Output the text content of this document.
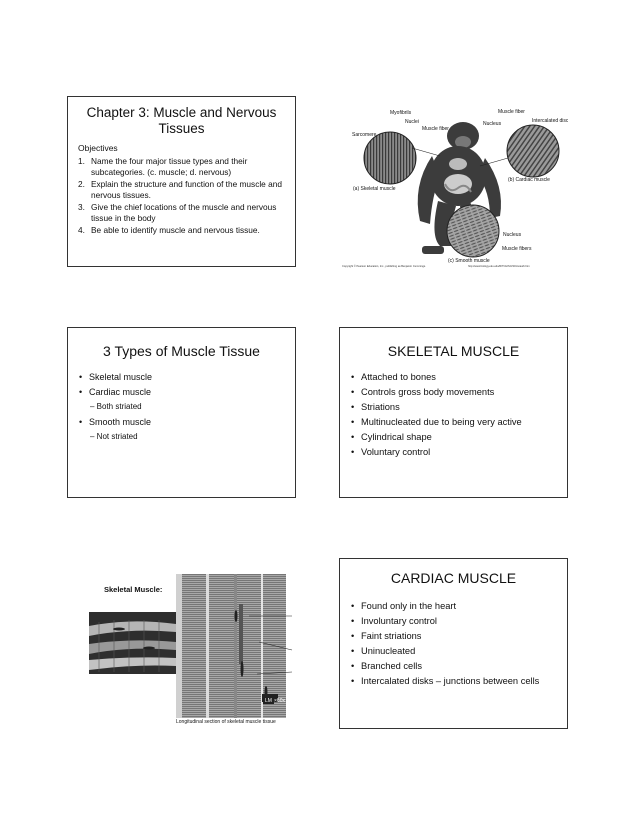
Chapter 3: Muscle and Nervous Tissues

Objectives

1. Name the four major tissue types and their subcategories. (c. muscle; d. nervous)
2. Explain the structure and function of the muscle and nervous tissues.
3. Give the chief locations of the muscle and nervous tissue in the body
4. Be able to identify muscle and nervous tissue.
Myofibrils
Nuclei
Muscle fiber
Sarcomere
(a) Skeletal muscle
Muscle fiber
Nucleus	Intercalated disc
(b) Cardiac muscle
Nucleus
Muscle fibers
(c) Smooth muscle
Copyright © Pearson Education, Inc., publishing as Benjamin Cummings.	http://www.biology.eku.edu/RITCHISO/301notes6.htm
3 Types of Muscle Tissue
• Skeletal muscle
• Cardiac muscle
– Both striated
• Smooth muscle
– Not striated
SKELETAL MUSCLE
• Attached to bones
• Controls gross body movements
• Striations
• Multinucleated due to being very active
• Cylindrical shape
• Voluntary control
Skeletal Muscle:
LM ×60x
Longitudinal section of skeletal muscle tissue
CARDIAC MUSCLE
• Found only in the heart
• Involuntary control
• Faint striations
• Uninucleated
• Branched cells
• Intercalated disks – junctions between cells
